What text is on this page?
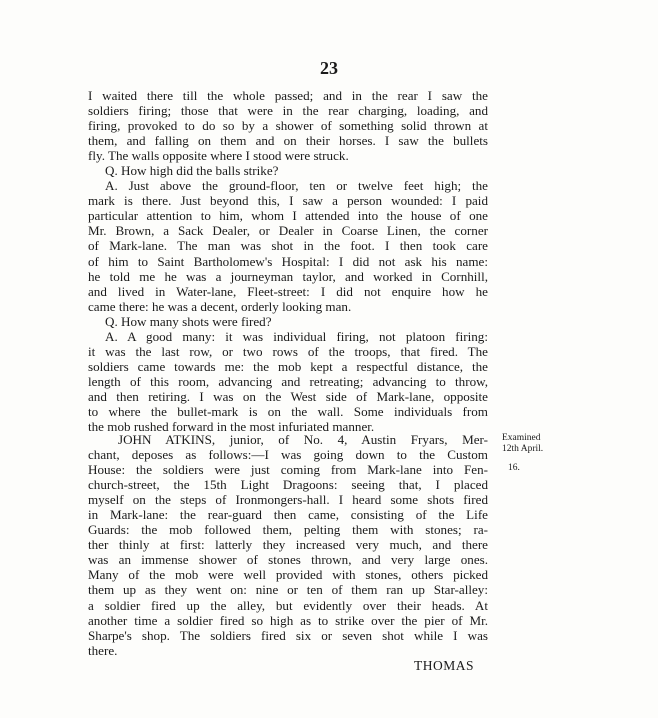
23
I waited there till the whole passed; and in the rear I saw the
soldiers firing; those that were in the rear charging, loading, and
firing, provoked to do so by a shower of something solid thrown at
them, and falling on them and on their horses. I saw the bullets
fly. The walls opposite where I stood were struck.
Q. How high did the balls strike?
A. Just above the ground-floor, ten or twelve feet high; the
mark is there. Just beyond this, I saw a person wounded: I paid
particular attention to him, whom I attended into the house of one
Mr. Brown, a Sack Dealer, or Dealer in Coarse Linen, the corner
of Mark-lane. The man was shot in the foot. I then took care
of him to Saint Bartholomew's Hospital: I did not ask his name:
he told me he was a journeyman taylor, and worked in Cornhill,
and lived in Water-lane, Fleet-street: I did not enquire how he
came there: he was a decent, orderly looking man.
Q. How many shots were fired?
A. A good many: it was individual firing, not platoon firing:
it was the last row, or two rows of the troops, that fired. The
soldiers came towards me: the mob kept a respectful distance, the
length of this room, advancing and retreating; advancing to throw,
and then retiring. I was on the West side of Mark-lane, opposite
to where the bullet-mark is on the wall. Some individuals from
the mob rushed forward in the most infuriated manner.
JOHN ATKINS, junior, of No. 4, Austin Fryars, Mer-
chant, deposes as follows:—I was going down to the Custom
House: the soldiers were just coming from Mark-lane into Fen-
church-street, the 15th Light Dragoons: seeing that, I placed
myself on the steps of Ironmongers-hall. I heard some shots fired
in Mark-lane: the rear-guard then came, consisting of the Life
Guards: the mob followed them, pelting them with stones; ra-
ther thinly at first: latterly they increased very much, and there
was an immense shower of stones thrown, and very large ones.
Many of the mob were well provided with stones, others picked
them up as they went on: nine or ten of them ran up Star-alley:
a soldier fired up the alley, but evidently over their heads. At
another time a soldier fired so high as to strike over the pier of Mr.
Sharpe's shop. The soldiers fired six or seven shot while I was
there.
Examined
12th April.
16.
THOMAS
